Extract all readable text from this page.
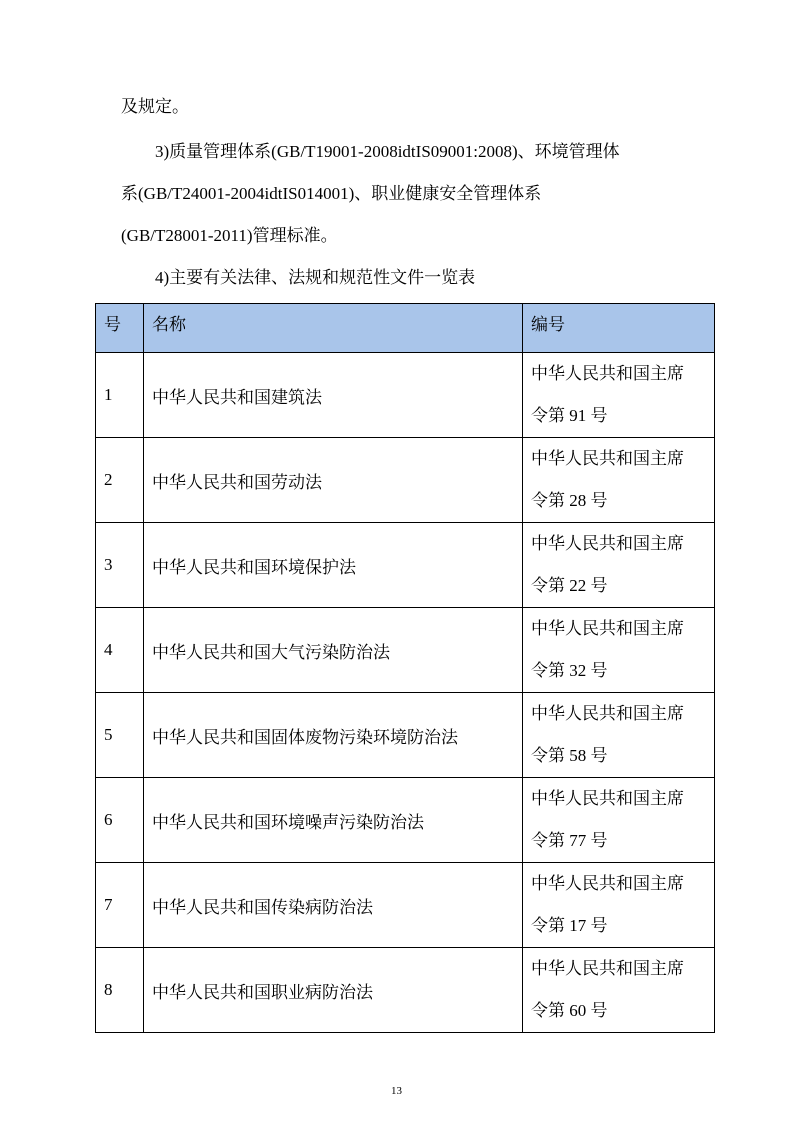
及规定。
3)质量管理体系(GB/T19001-2008idtIS09001:2008)、环境管理体
系(GB/T24001-2004idtIS014001)、职业健康安全管理体系
(GB/T28001-2011)管理标准。
4)主要有关法律、法规和规范性文件一览表
号	名称	编号
1	中华人民共和国建筑法	中华人民共和国主席
令第 91 号

2	中华人民共和国劳动法	中华人民共和国主席
令第 28 号

3	中华人民共和国环境保护法	中华人民共和国主席
令第 22 号

4	中华人民共和国大气污染防治法	中华人民共和国主席
令第 32 号

5	中华人民共和国固体废物污染环境防治法	中华人民共和国主席
令第 58 号

6	中华人民共和国环境噪声污染防治法	中华人民共和国主席
令第 77 号

7	中华人民共和国传染病防治法	中华人民共和国主席
令第 17 号

8	中华人民共和国职业病防治法	中华人民共和国主席
令第 60 号
13
